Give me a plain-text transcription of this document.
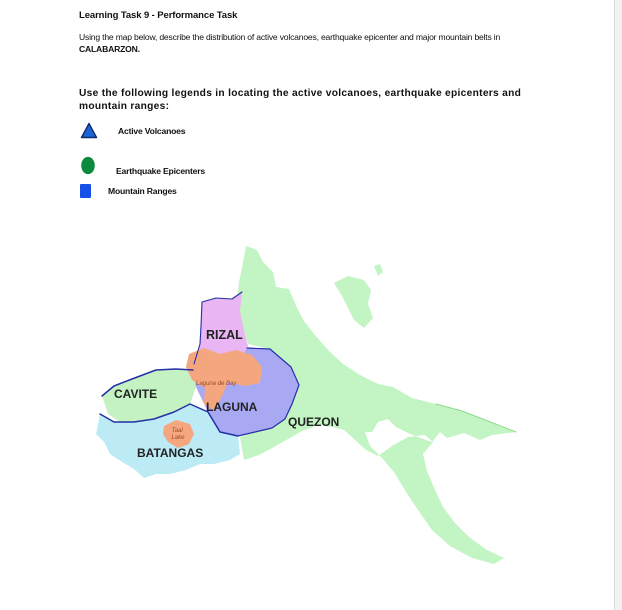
Learning Task 9 - Performance Task
Using the map below, describe the distribution of active volcanoes, earthquake epicenter and major mountain belts in
CALABARZON.
Use the following legends in locating the active volcanoes, earthquake epicenters and mountain ranges:
Active Volcanoes
Earthquake Epicenters
Mountain Ranges
RIZAL
CAVITE
LAGUNA
QUEZON
BATANGAS
Laguna de Bay
Taal Lake
